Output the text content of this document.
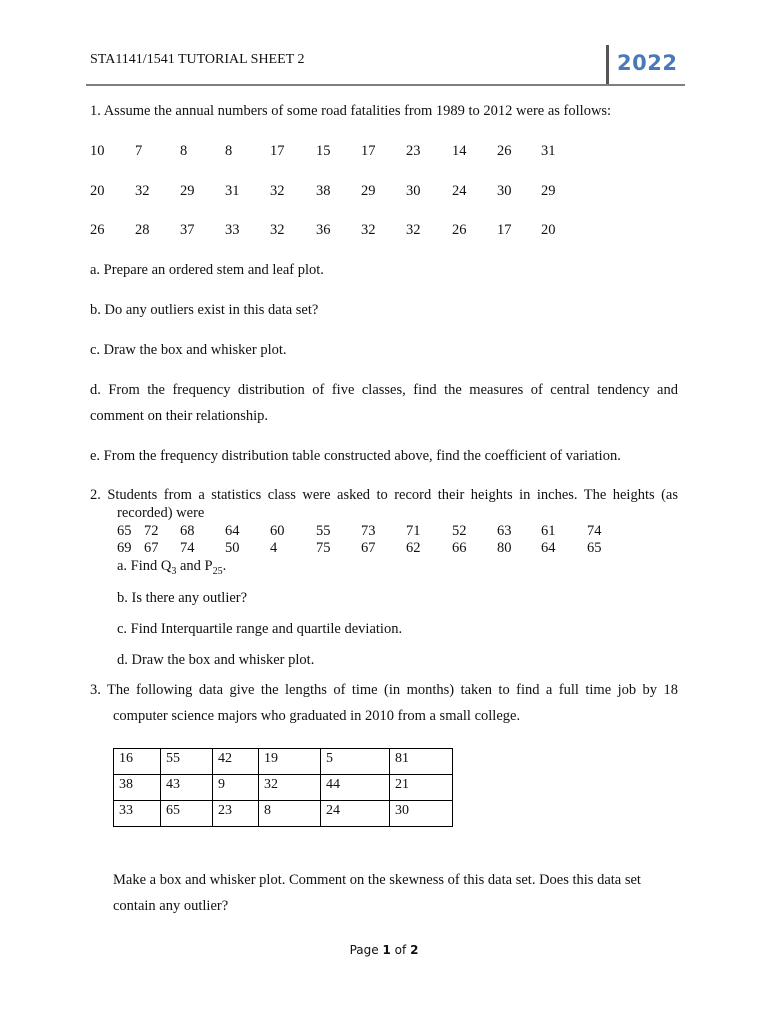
STA1141/1541 TUTORIAL SHEET 2	2022
1. Assume the annual numbers of some road fatalities from 1989 to 2012 were as follows:
10 7	8	8	17 15 17 23 14 26 31
20 32 29 31 32 38 29 30 24 30 29
26 28 37 33 32 36 32 32 26 17 20
a. Prepare an ordered stem and leaf plot.
b. Do any outliers exist in this data set?
c. Draw the box and whisker plot.
d. From the frequency distribution of five classes, find the measures of central tendency and
comment on their relationship.
e. From the frequency distribution table constructed above, find the coefficient of variation.
2. Students from a statistics class were asked to record their heights in inches. The heights (as
recorded) were
65 72 68 64 60 55 73 71 52 63 61 74
69 67 74 50 4	75 67 62 66 80 64 65
a. Find $Q_3$ and $P_{25}$.
b. Is there any outlier?
c. Find Interquartile range and quartile deviation.
d. Draw the box and whisker plot.
3. The following data give the lengths of time (in months) taken to find a full time job by 18
computer science majors who graduated in 2010 from a small college.
16	55	42	19	5	81
38	43	9	32	44	21
33	65	23	8	24	30
Make a box and whisker plot. Comment on the skewness of this data set. Does this data set
contain any outlier?
Page 1 of 2
